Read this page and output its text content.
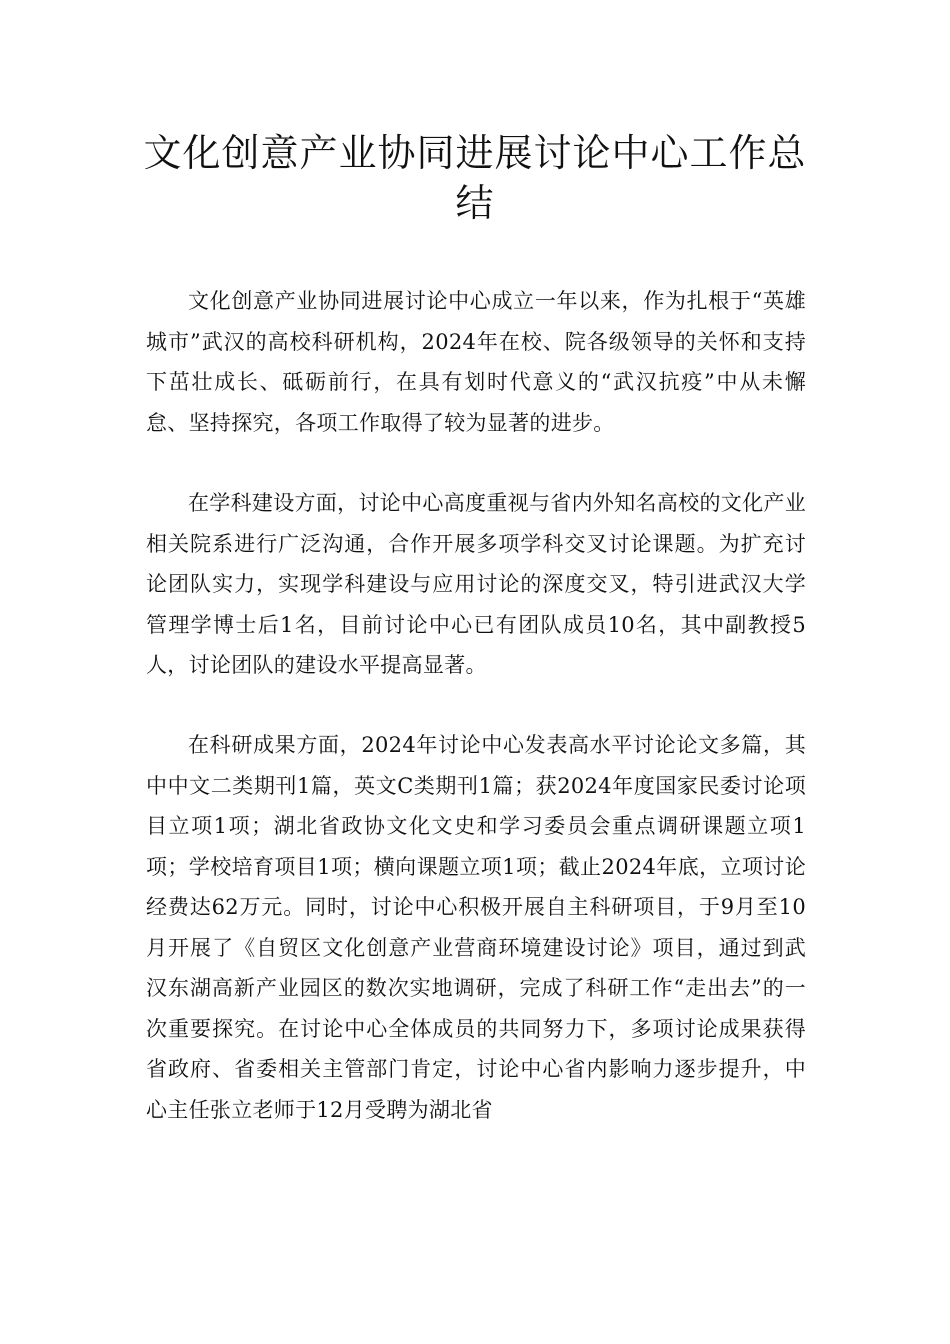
文化创意产业协同进展讨论中心工作总结

文化创意产业协同进展讨论中心成立一年以来，作为扎根于“英雄城市”武汉的高校科研机构，2024年在校、院各级领导的关怀和支持下茁壮成长、砥砺前行，在具有划时代意义的“武汉抗疫”中从未懈怠、坚持探究，各项工作取得了较为显著的进步。

在学科建设方面，讨论中心高度重视与省内外知名高校的文化产业相关院系进行广泛沟通，合作开展多项学科交叉讨论课题。为扩充讨论团队实力，实现学科建设与应用讨论的深度交叉，特引进武汉大学管理学博士后1名，目前讨论中心已有团队成员10名，其中副教授5人，讨论团队的建设水平提高显著。

在科研成果方面，2024年讨论中心发表高水平讨论论文多篇，其中中文二类期刊1篇，英文C类期刊1篇；获2024年度国家民委讨论项目立项1项；湖北省政协文化文史和学习委员会重点调研课题立项1项；学校培育项目1项；横向课题立项1项；截止2024年底，立项讨论经费达62万元。同时，讨论中心积极开展自主科研项目，于9月至10月开展了《自贸区文化创意产业营商环境建设讨论》项目，通过到武汉东湖高新产业园区的数次实地调研，完成了科研工作“走出去”的一次重要探究。在讨论中心全体成员的共同努力下，多项讨论成果获得省政府、省委相关主管部门肯定，讨论中心省内影响力逐步提升，中心主任张立老师于12月受聘为湖北省
